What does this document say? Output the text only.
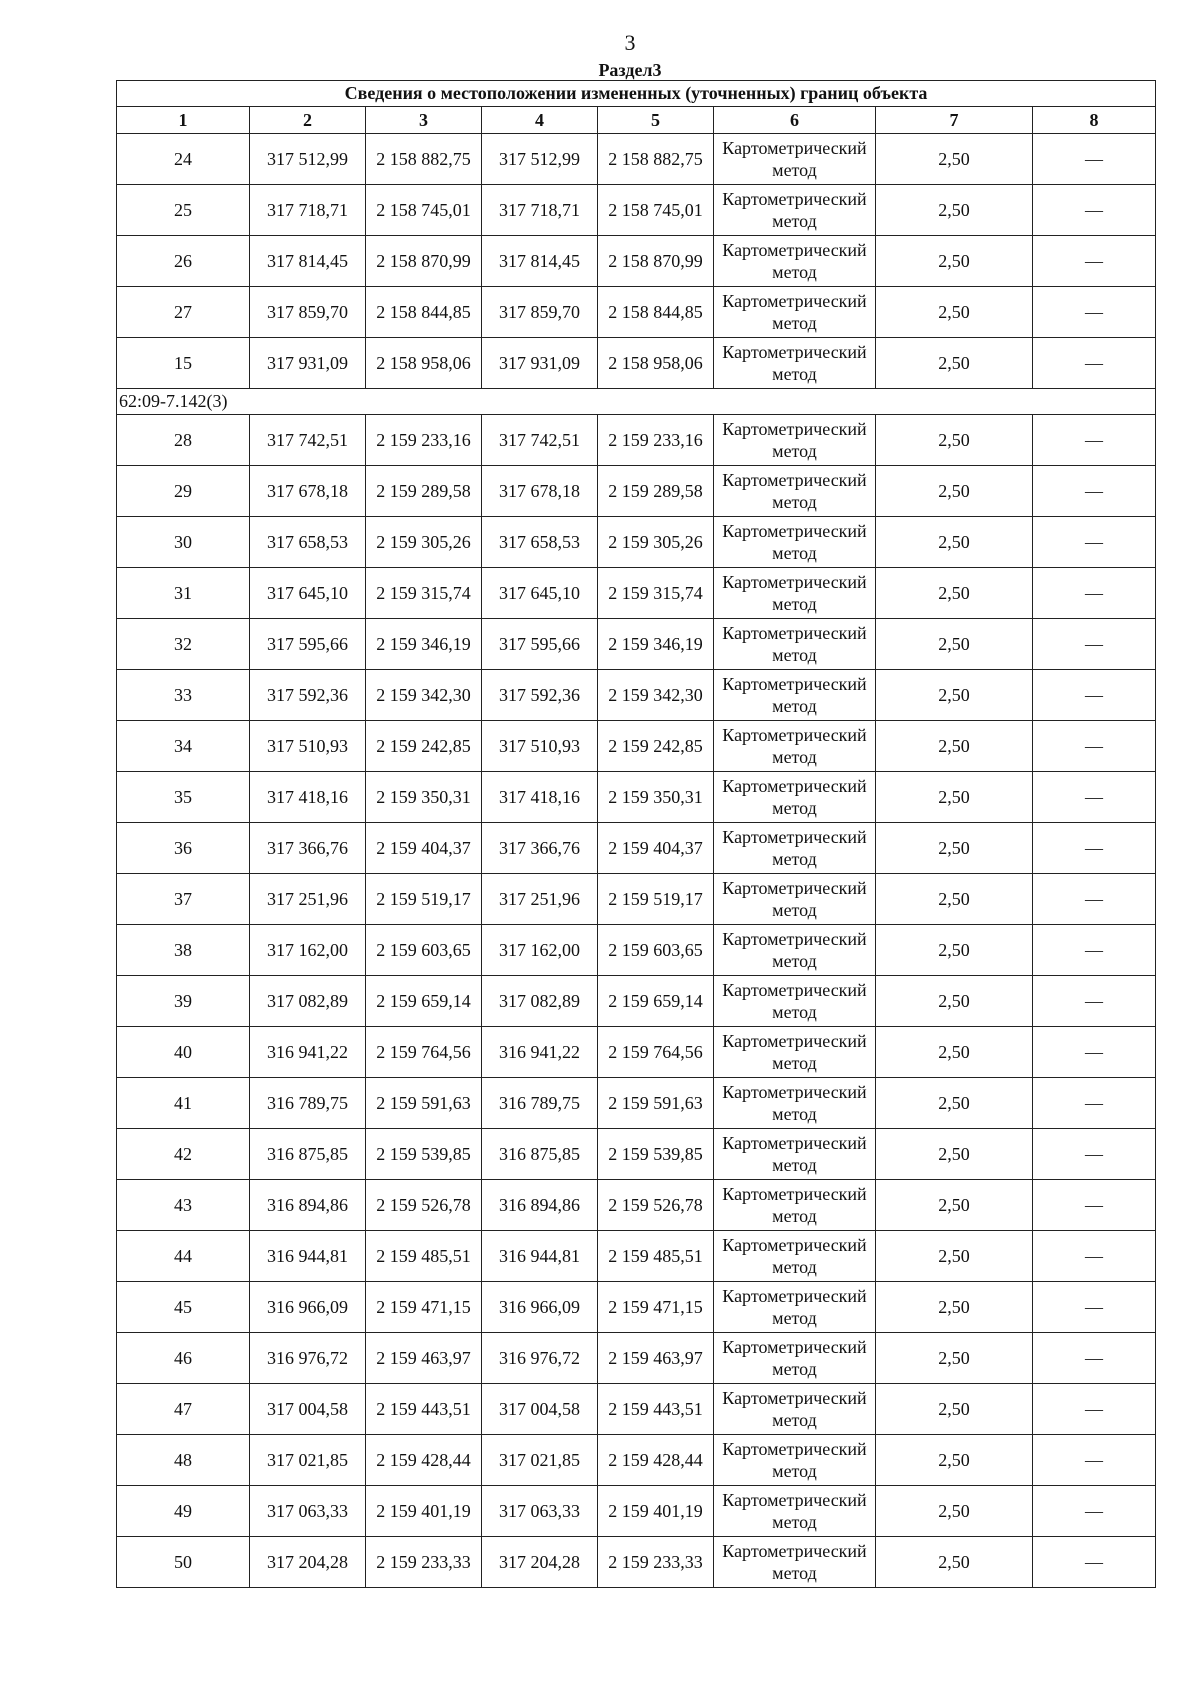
3
Раздел3
Сведения о местоположении измененных (уточненных) границ объекта							
1	2	3	4	5	6	7	8
24	317 512,99	2 158 882,75	317 512,99	2 158 882,75	Картометрический метод	2,50	—
25	317 718,71	2 158 745,01	317 718,71	2 158 745,01	Картометрический метод	2,50	—
26	317 814,45	2 158 870,99	317 814,45	2 158 870,99	Картометрический метод	2,50	—
27	317 859,70	2 158 844,85	317 859,70	2 158 844,85	Картометрический метод	2,50	—
15	317 931,09	2 158 958,06	317 931,09	2 158 958,06	Картометрический метод	2,50	—
62:09-7.142(3)							
28	317 742,51	2 159 233,16	317 742,51	2 159 233,16	Картометрический метод	2,50	—
29	317 678,18	2 159 289,58	317 678,18	2 159 289,58	Картометрический метод	2,50	—
30	317 658,53	2 159 305,26	317 658,53	2 159 305,26	Картометрический метод	2,50	—
31	317 645,10	2 159 315,74	317 645,10	2 159 315,74	Картометрический метод	2,50	—
32	317 595,66	2 159 346,19	317 595,66	2 159 346,19	Картометрический метод	2,50	—
33	317 592,36	2 159 342,30	317 592,36	2 159 342,30	Картометрический метод	2,50	—
34	317 510,93	2 159 242,85	317 510,93	2 159 242,85	Картометрический метод	2,50	—
35	317 418,16	2 159 350,31	317 418,16	2 159 350,31	Картометрический метод	2,50	—
36	317 366,76	2 159 404,37	317 366,76	2 159 404,37	Картометрический метод	2,50	—
37	317 251,96	2 159 519,17	317 251,96	2 159 519,17	Картометрический метод	2,50	—
38	317 162,00	2 159 603,65	317 162,00	2 159 603,65	Картометрический метод	2,50	—
39	317 082,89	2 159 659,14	317 082,89	2 159 659,14	Картометрический метод	2,50	—
40	316 941,22	2 159 764,56	316 941,22	2 159 764,56	Картометрический метод	2,50	—
41	316 789,75	2 159 591,63	316 789,75	2 159 591,63	Картометрический метод	2,50	—
42	316 875,85	2 159 539,85	316 875,85	2 159 539,85	Картометрический метод	2,50	—
43	316 894,86	2 159 526,78	316 894,86	2 159 526,78	Картометрический метод	2,50	—
44	316 944,81	2 159 485,51	316 944,81	2 159 485,51	Картометрический метод	2,50	—
45	316 966,09	2 159 471,15	316 966,09	2 159 471,15	Картометрический метод	2,50	—
46	316 976,72	2 159 463,97	316 976,72	2 159 463,97	Картометрический метод	2,50	—
47	317 004,58	2 159 443,51	317 004,58	2 159 443,51	Картометрический метод	2,50	—
48	317 021,85	2 159 428,44	317 021,85	2 159 428,44	Картометрический метод	2,50	—
49	317 063,33	2 159 401,19	317 063,33	2 159 401,19	Картометрический метод	2,50	—
50	317 204,28	2 159 233,33	317 204,28	2 159 233,33	Картометрический метод	2,50	—
